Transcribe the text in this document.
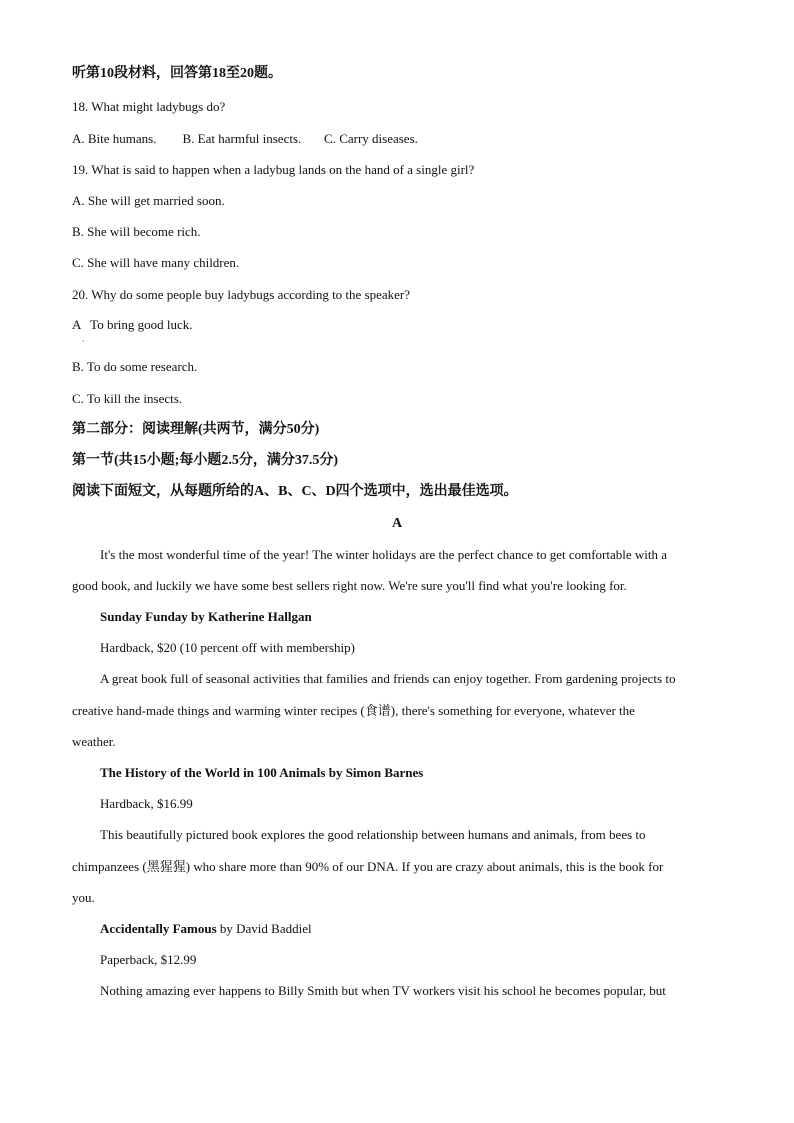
听第10段材料，回答第18至20题。
18. What might ladybugs do?
A. Bite humans.        B. Eat harmful insects.       C. Carry diseases.
19. What is said to happen when a ladybug lands on the hand of a single girl?
A. She will get married soon.
B. She will become rich.
C. She will have many children.
20. Why do some people buy ladybugs according to the speaker?
A   To bring good luck.
·
B. To do some research.
C. To kill the insects.
第二部分：阅读理解(共两节，满分50分)
第一节(共15小题;每小题2.5分，满分37.5分)
阅读下面短文，从每题所给的A、B、C、D四个选项中，选出最佳选项。
A
It's the most wonderful time of the year! The winter holidays are the perfect chance to get comfortable with a
good book, and luckily we have some best sellers right now. We're sure you'll find what you're looking for.
Sunday Funday by Katherine Hallgan
Hardback, $20 (10 percent off with membership)
A great book full of seasonal activities that families and friends can enjoy together. From gardening projects to
creative hand-made things and warming winter recipes (食谱), there's something for everyone, whatever the
weather.
The History of the World in 100 Animals by Simon Barnes
Hardback, $16.99
This beautifully pictured book explores the good relationship between humans and animals, from bees to
chimpanzees (黑猩猩) who share more than 90% of our DNA. If you are crazy about animals, this is the book for
you.
Accidentally Famous by David Baddiel
Paperback, $12.99
Nothing amazing ever happens to Billy Smith but when TV workers visit his school he becomes popular, but
